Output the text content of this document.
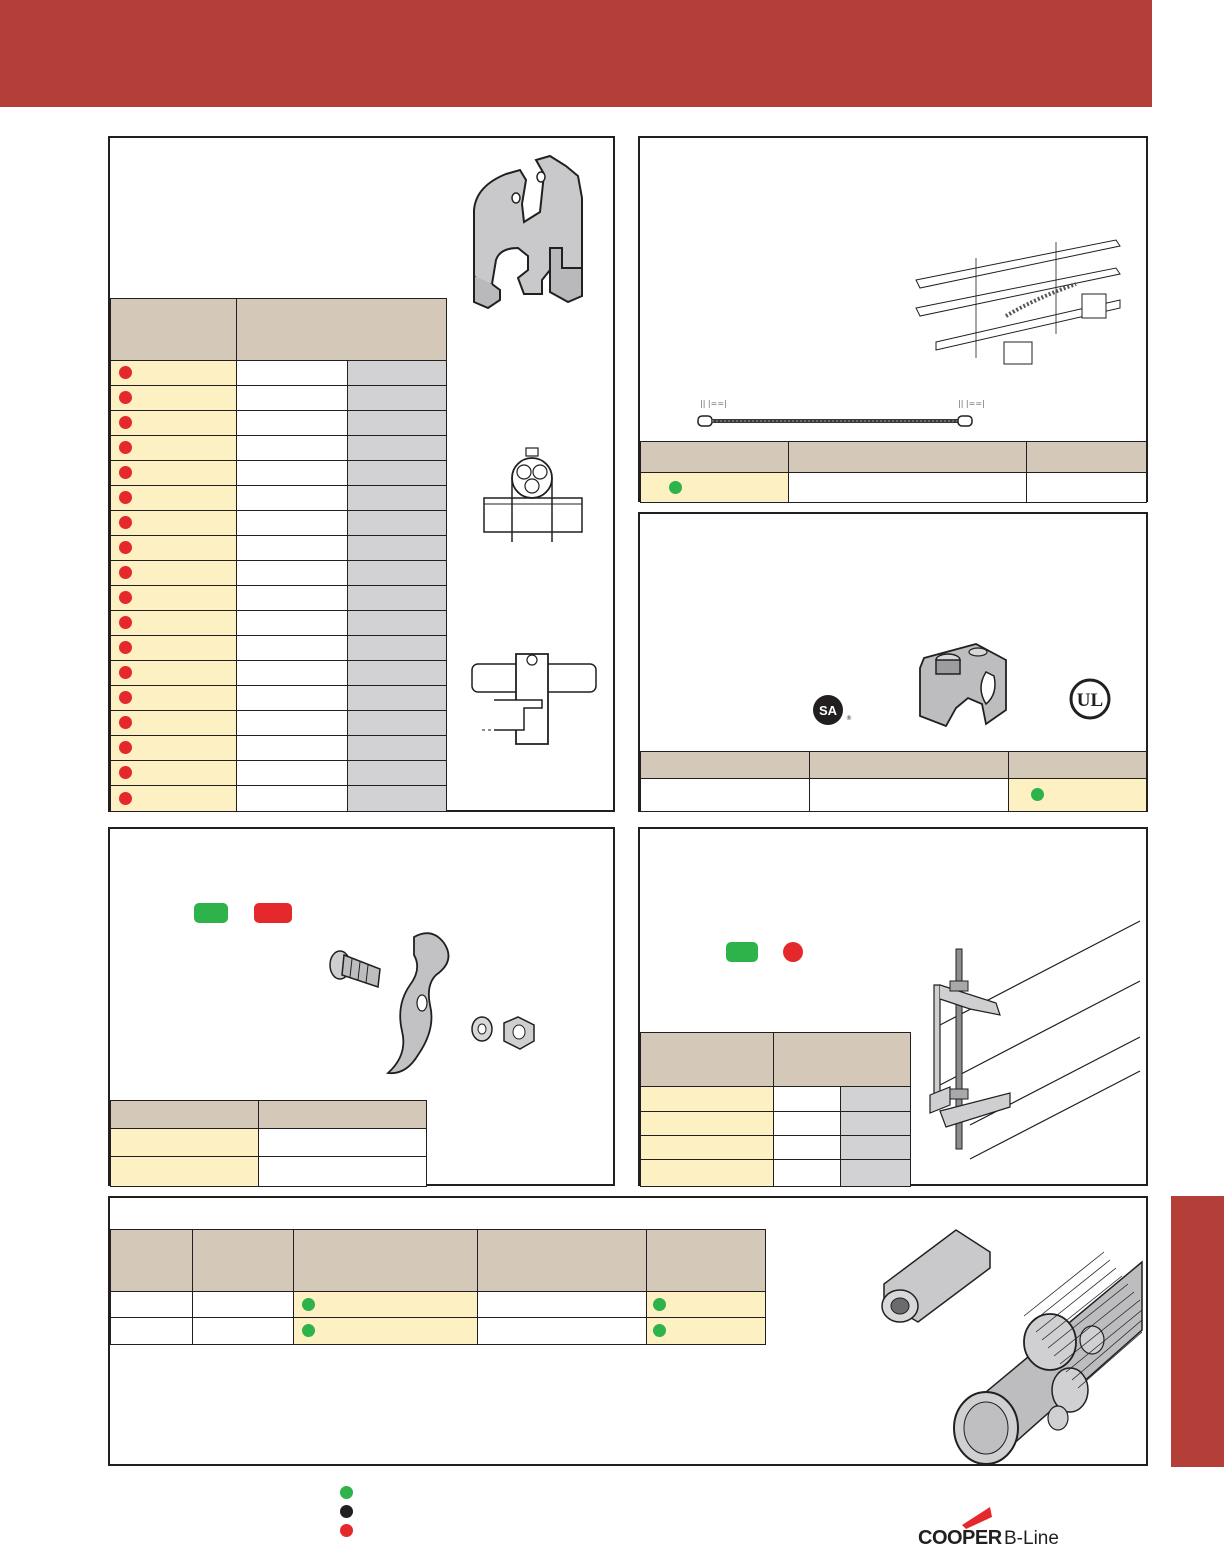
|| |==|	|| |==|

SA
®
UL

COOPER B-Line
